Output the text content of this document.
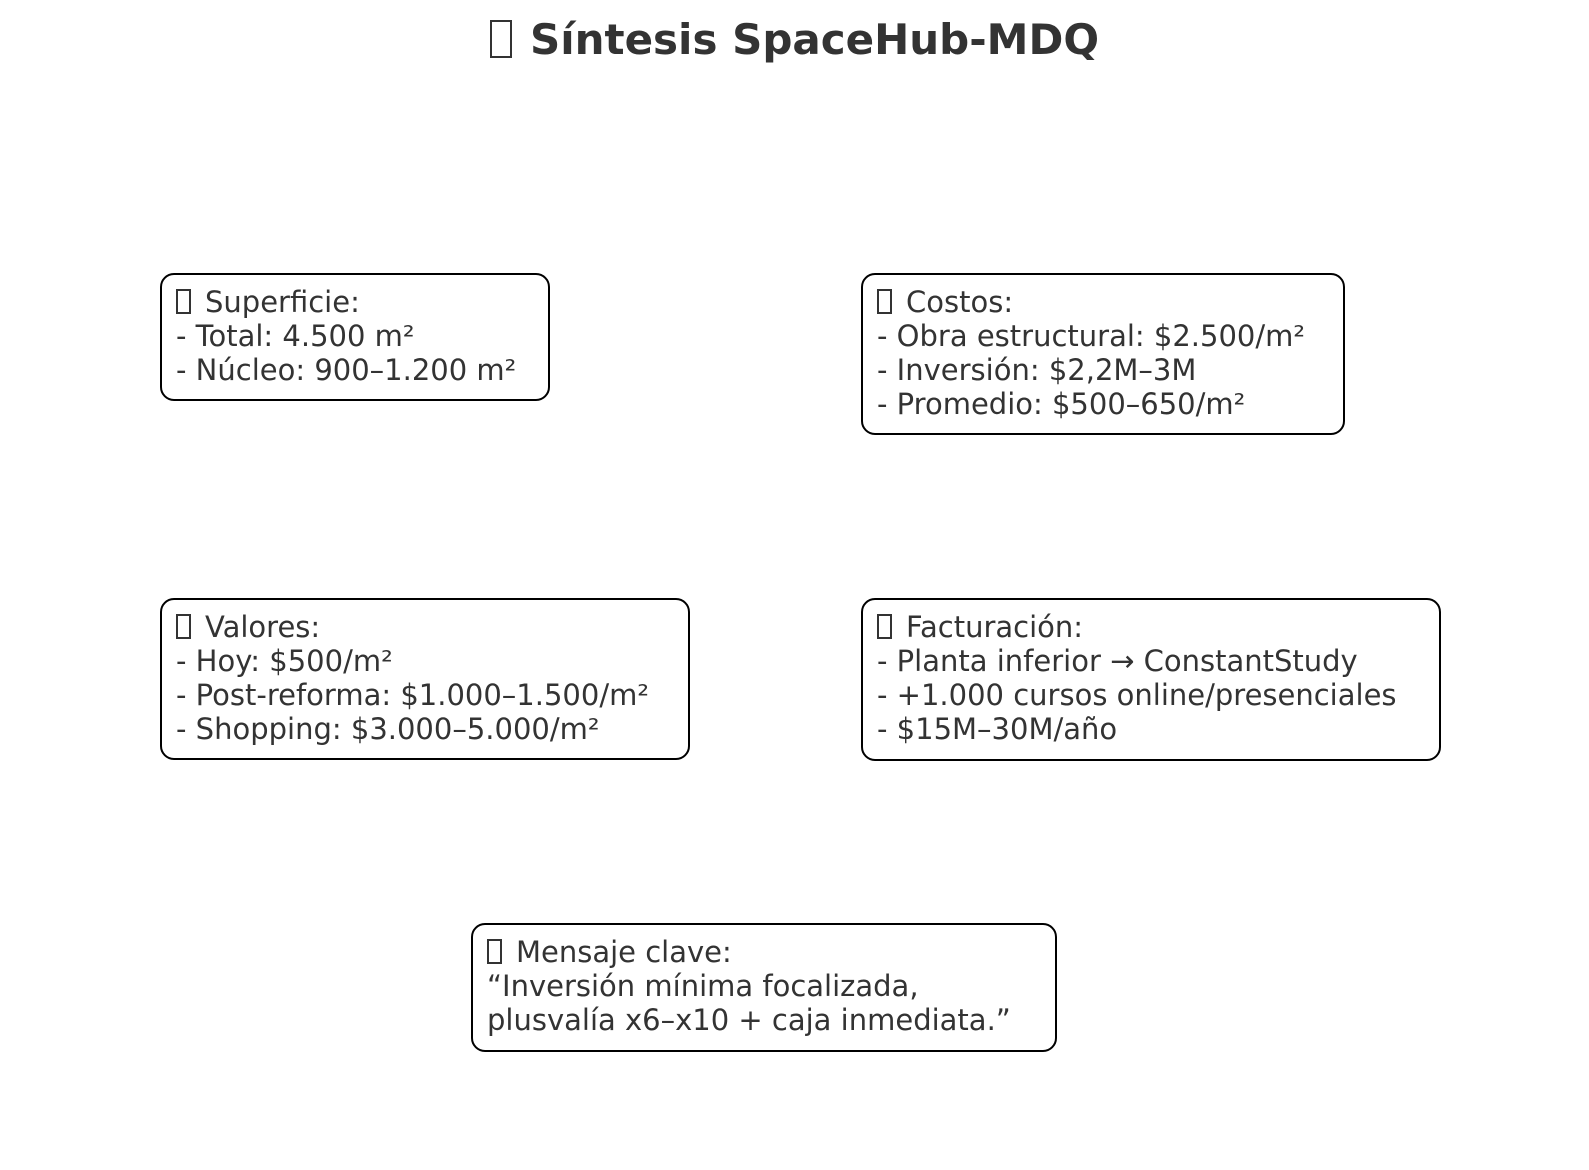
Síntesis SpaceHub-MDQ
Superficie:
- Total: 4.500 m²
- Núcleo: 900–1.200 m²
Costos:
- Obra estructural: $2.500/m²
- Inversión: $2,2M–3M
- Promedio: $500–650/m²
Valores:
- Hoy: $500/m²
- Post-reforma: $1.000–1.500/m²
- Shopping: $3.000–5.000/m²
Facturación:
- Planta inferior → ConstantStudy
- +1.000 cursos online/presenciales
- $15M–30M/año
Mensaje clave:
“Inversión mínima focalizada,
plusvalía x6–x10 + caja inmediata.”
